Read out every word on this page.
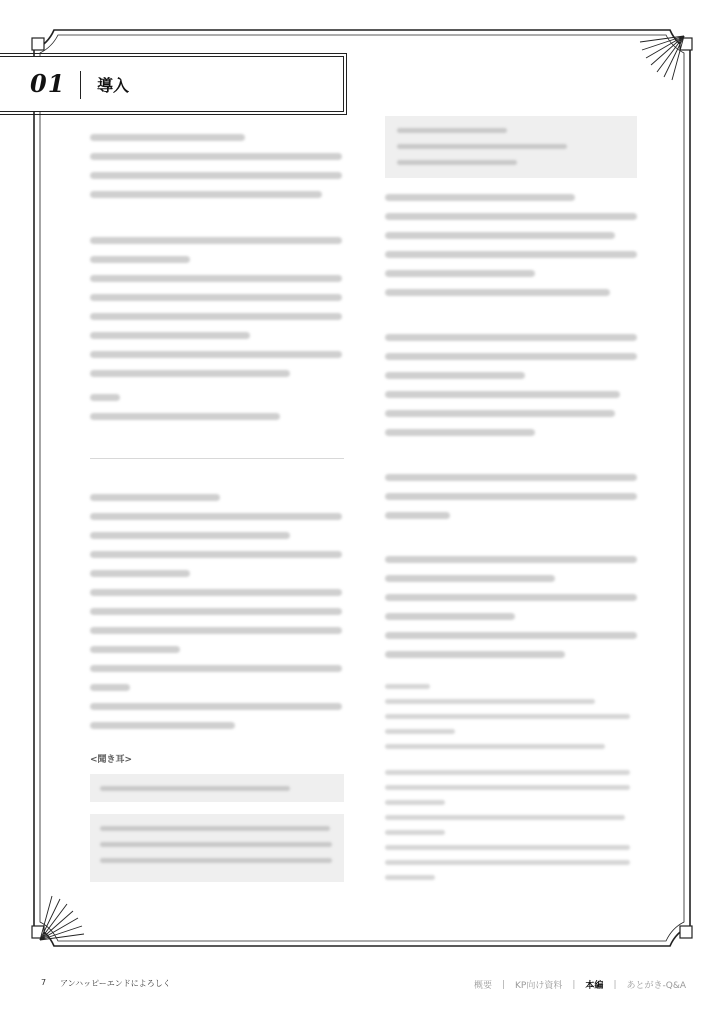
01 導入
<聞き耳>
7 アンハッピーエンドによろしく	概要 | KP向け資料 | 本編 | あとがき-Q&A
